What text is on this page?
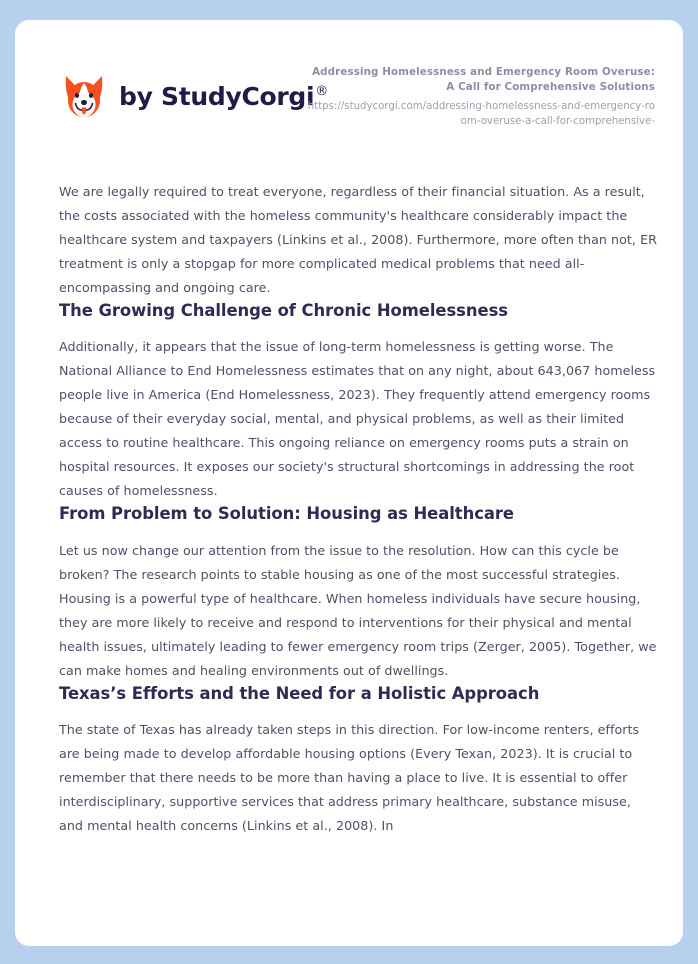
by StudyCorgi®
Addressing Homelessness and Emergency Room Overuse: A Call for Comprehensive Solutions
https://studycorgi.com/addressing-homelessness-and-emergency-room-overuse-a-call-for-comprehensive-

We are legally required to treat everyone, regardless of their financial situation. As a result, the costs associated with the homeless community's healthcare considerably impact the healthcare system and taxpayers (Linkins et al., 2008). Furthermore, more often than not, ER treatment is only a stopgap for more complicated medical problems that need all-encompassing and ongoing care.

The Growing Challenge of Chronic Homelessness

Additionally, it appears that the issue of long-term homelessness is getting worse. The National Alliance to End Homelessness estimates that on any night, about 643,067 homeless people live in America (End Homelessness, 2023). They frequently attend emergency rooms because of their everyday social, mental, and physical problems, as well as their limited access to routine healthcare. This ongoing reliance on emergency rooms puts a strain on hospital resources. It exposes our society's structural shortcomings in addressing the root causes of homelessness.

From Problem to Solution: Housing as Healthcare

Let us now change our attention from the issue to the resolution. How can this cycle be broken? The research points to stable housing as one of the most successful strategies. Housing is a powerful type of healthcare. When homeless individuals have secure housing, they are more likely to receive and respond to interventions for their physical and mental health issues, ultimately leading to fewer emergency room trips (Zerger, 2005). Together, we can make homes and healing environments out of dwellings.

Texas’s Efforts and the Need for a Holistic Approach

The state of Texas has already taken steps in this direction. For low-income renters, efforts are being made to develop affordable housing options (Every Texan, 2023). It is crucial to remember that there needs to be more than having a place to live. It is essential to offer interdisciplinary, supportive services that address primary healthcare, substance misuse, and mental health concerns (Linkins et al., 2008). In
